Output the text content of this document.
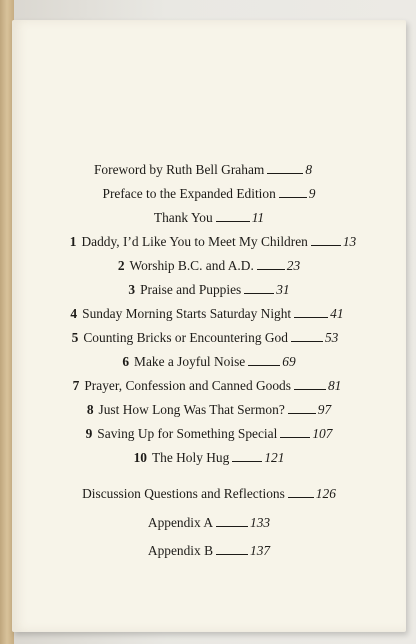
Foreword by Ruth Bell Graham	8
Preface to the Expanded Edition 9
Thank You	11
1 Daddy, I’d Like You to Meet My Children	13
2 Worship B.C. and A.D. 23
3 Praise and Puppies	31
4 Sunday Morning Starts Saturday Night	41
5 Counting Bricks or Encountering God	53
6 Make a Joyful Noise	69
7 Prayer, Confession and Canned Goods	81
8 Just How Long Was That Sermon? 97
9 Saving Up for Something Special	107
10 The Holy Hug	121
Discussion Questions and Reflections 126
Appendix A	133
Appendix B	137
